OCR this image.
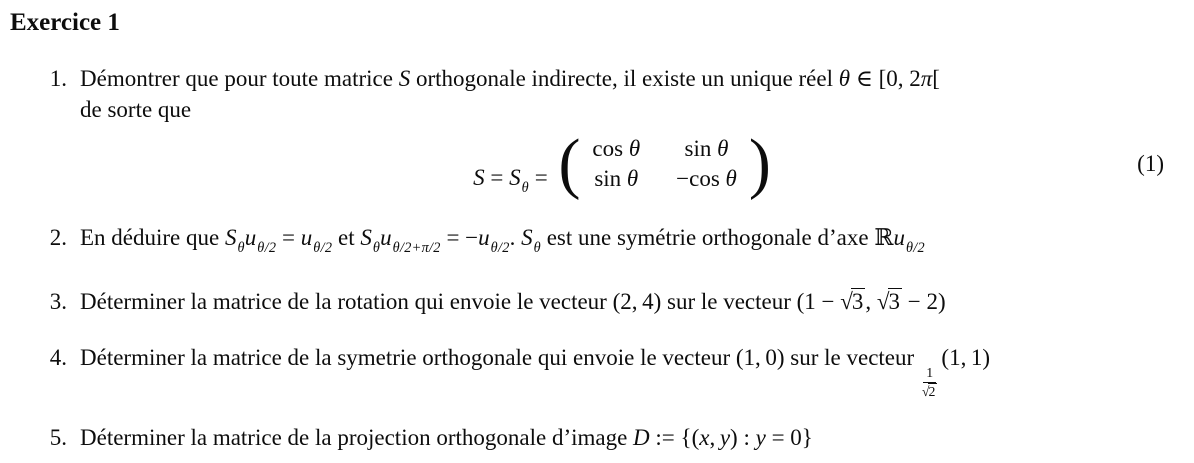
Exercice 1
1. Démontrer que pour toute matrice S orthogonale indirecte, il existe un unique réel θ ∈ [0, 2π[
de sorte que

$S = S_\theta$ = ( cos θ sin θ
sin θ −cos θ )	(1)
2. En déduire que $S_\theta u_{\theta/2} = u_{\theta/2}$ et $S_\theta u_{\theta/2+\pi/2} = -u_{\theta/2}$. $S_\theta$ est une symétrie orthogonale d’axe ℝu$_{\theta/2}$

3. Déterminer la matrice de la rotation qui envoie le vecteur (2, 4) sur le vecteur (1 − √3, √3 − 2)

4. Déterminer la matrice de la symetrie orthogonale qui envoie le vecteur (1, 0) sur le vecteur
$\frac{1}{√2}$
(1, 1)

5. Déterminer la matrice de la projection orthogonale d’image D := {(x, y) : y = 0}
